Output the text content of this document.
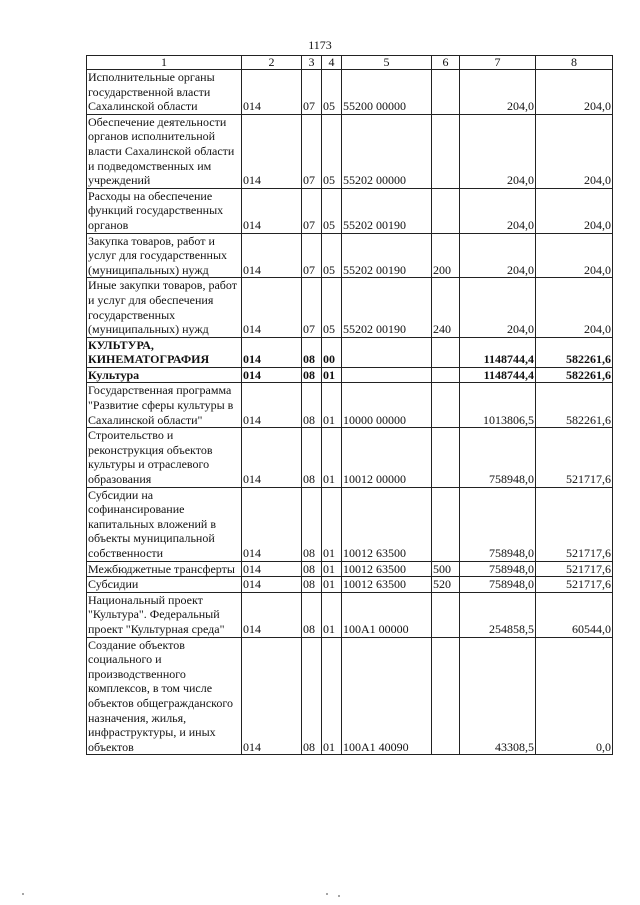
1173
1	2	3	4	5	6	7	8
Исполнительные органы государственной власти Сахалинской области	014	07	05	55200 00000		204,0	204,0
Обеспечение деятельности органов исполнительной власти Сахалинской области и подведомственных им учреждений	014	07	05	55202 00000		204,0	204,0
Расходы на обеспечение функций государственных органов	014	07	05	55202 00190		204,0	204,0
Закупка товаров, работ и услуг для государственных (муниципальных) нужд	014	07	05	55202 00190	200	204,0	204,0
Иные закупки товаров, работ и услуг для обеспечения государственных (муниципальных) нужд	014	07	05	55202 00190	240	204,0	204,0
КУЛЬТУРА, КИНЕМАТОГРАФИЯ	014	08	00			1148744,4	582261,6
Культура	014	08	01			1148744,4	582261,6
Государственная программа "Развитие сферы культуры в Сахалинской области"	014	08	01	10000 00000		1013806,5	582261,6
Строительство и реконструкция объектов культуры и отраслевого образования	014	08	01	10012 00000		758948,0	521717,6
Субсидии на софинансирование капитальных вложений в объекты муниципальной собственности	014	08	01	10012 63500		758948,0	521717,6
Межбюджетные трансферты	014	08	01	10012 63500	500	758948,0	521717,6
Субсидии	014	08	01	10012 63500	520	758948,0	521717,6
Национальный проект "Культура". Федеральный проект "Культурная среда"	014	08	01	100A1 00000		254858,5	60544,0
Создание объектов социального и производственного комплексов, в том числе объектов общегражданского назначения, жилья, инфраструктуры, и иных объектов	014	08	01	100A1 40090		43308,5	0,0
